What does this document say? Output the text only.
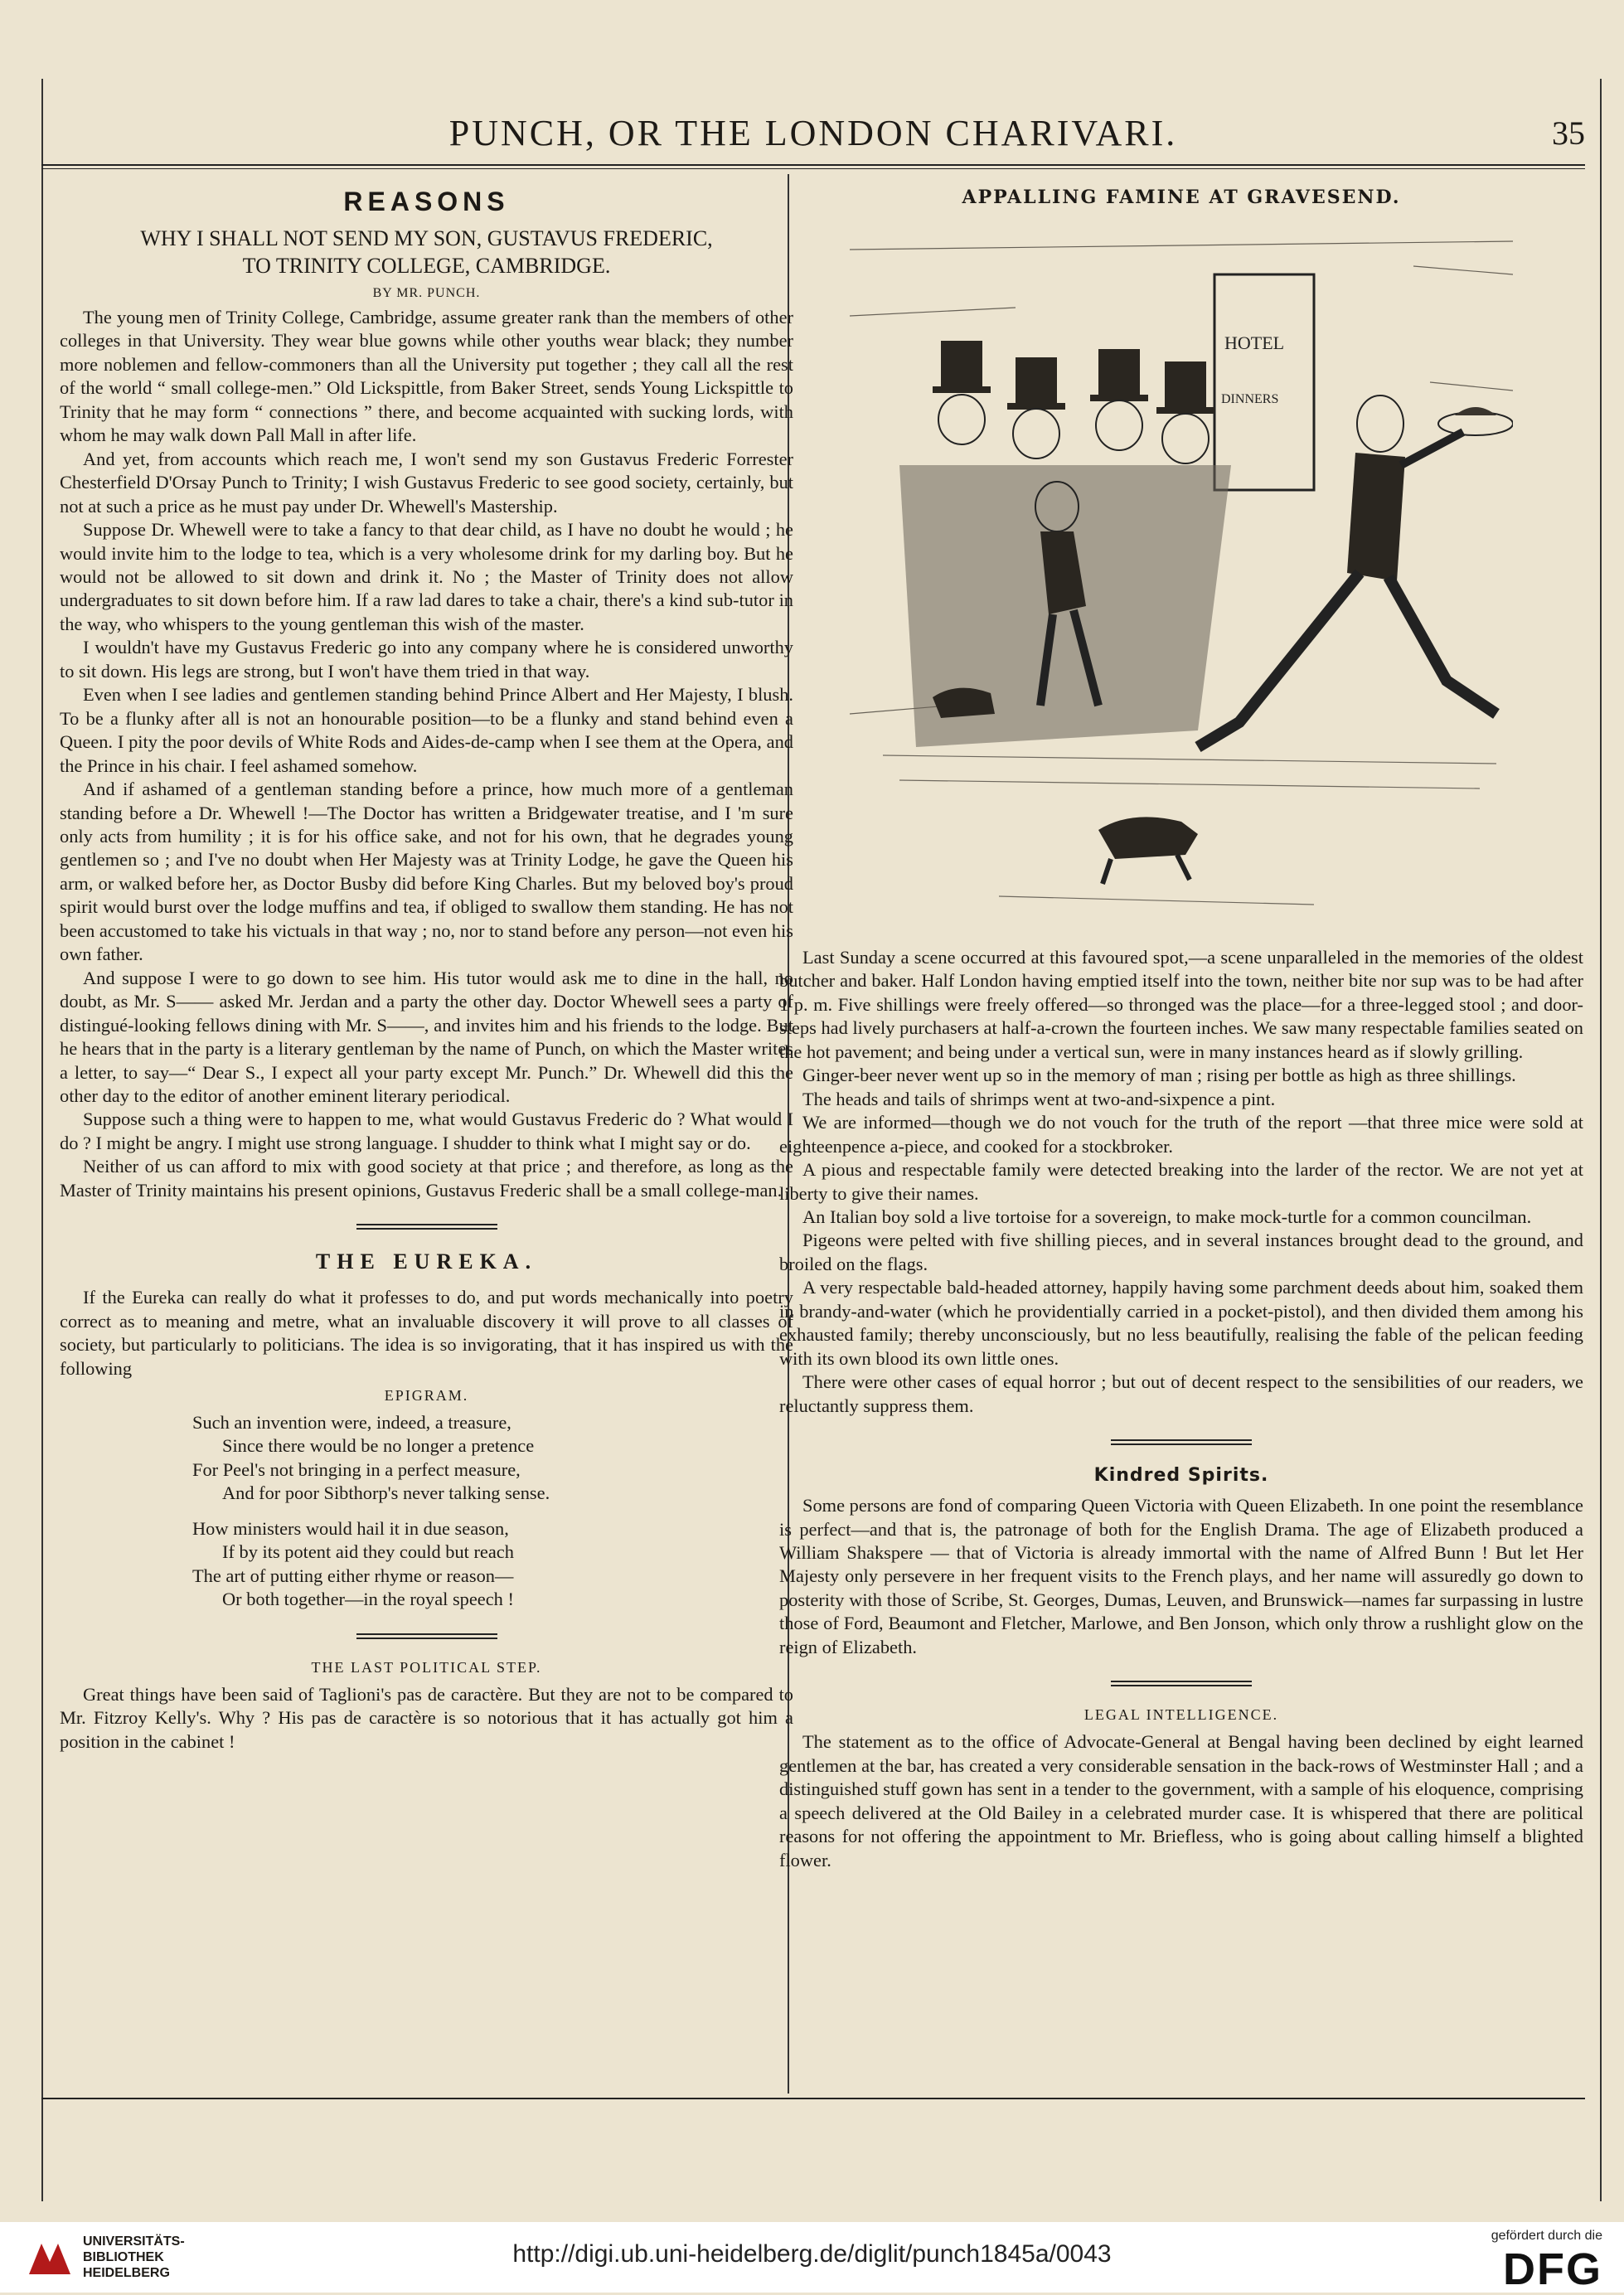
PUNCH, OR THE LONDON CHARIVARI.	35
REASONS

WHY I SHALL NOT SEND MY SON, GUSTAVUS FREDERIC,

TO TRINITY COLLEGE, CAMBRIDGE.

BY MR. PUNCH.

The young men of Trinity College, Cambridge, assume greater rank than the members of other colleges in that University. They wear blue gowns while other youths wear black; they number more noblemen and fellow-commoners than all the University put together ; they call all the rest of the world “ small college-men.” Old Lickspittle, from Baker Street, sends Young Lickspittle to Trinity that he may form “ connections ” there, and become acquainted with sucking lords, with whom he may walk down Pall Mall in after life.

And yet, from accounts which reach me, I won't send my son Gustavus Frederic Forrester Chesterfield D'Orsay Punch to Trinity; I wish Gustavus Frederic to see good society, certainly, but not at such a price as he must pay under Dr. Whewell's Mastership.

Suppose Dr. Whewell were to take a fancy to that dear child, as I have no doubt he would ; he would invite him to the lodge to tea, which is a very wholesome drink for my darling boy. But he would not be allowed to sit down and drink it. No ; the Master of Trinity does not allow undergraduates to sit down before him. If a raw lad dares to take a chair, there's a kind sub-tutor in the way, who whispers to the young gentleman this wish of the master.

I wouldn't have my Gustavus Frederic go into any company where he is considered unworthy to sit down. His legs are strong, but I won't have them tried in that way.

Even when I see ladies and gentlemen standing behind Prince Albert and Her Majesty, I blush. To be a flunky after all is not an honourable position—to be a flunky and stand behind even a Queen. I pity the poor devils of White Rods and Aides-de-camp when I see them at the Opera, and the Prince in his chair. I feel ashamed somehow.

And if ashamed of a gentleman standing before a prince, how much more of a gentleman standing before a Dr. Whewell !—The Doctor has written a Bridgewater treatise, and I 'm sure only acts from humility ; it is for his office sake, and not for his own, that he degrades young gentlemen so ; and I've no doubt when Her Majesty was at Trinity Lodge, he gave the Queen his arm, or walked before her, as Doctor Busby did before King Charles. But my beloved boy's proud spirit would burst over the lodge muffins and tea, if obliged to swallow them standing. He has not been accustomed to take his victuals in that way ; no, nor to stand before any person—not even his own father.

And suppose I were to go down to see him. His tutor would ask me to dine in the hall, no doubt, as Mr. S—— asked Mr. Jerdan and a party the other day. Doctor Whewell sees a party of distingué-looking fellows dining with Mr. S——, and invites him and his friends to the lodge. But he hears that in the party is a literary gentleman by the name of Punch, on which the Master writes a letter, to say—“ Dear S., I expect all your party except Mr. Punch.” Dr. Whewell did this the other day to the editor of another eminent literary periodical.

Suppose such a thing were to happen to me, what would Gustavus Frederic do ? What would I do ? I might be angry. I might use strong language. I shudder to think what I might say or do.

Neither of us can afford to mix with good society at that price ; and therefore, as long as the Master of Trinity maintains his present opinions, Gustavus Frederic shall be a small college-man.

THE EUREKA.

If the Eureka can really do what it professes to do, and put words mechanically into poetry correct as to meaning and metre, what an invaluable discovery it will prove to all classes of society, but particularly to politicians. The idea is so invigorating, that it has inspired us with the following

EPIGRAM.
Such an invention were, indeed, a treasure,
Since there would be no longer a pretence
For Peel's not bringing in a perfect measure,
And for poor Sibthorp's never talking sense.
How ministers would hail it in due season,
If by its potent aid they could but reach
The art of putting either rhyme or reason—
Or both together—in the royal speech !
THE LAST POLITICAL STEP.

Great things have been said of Taglioni's pas de caractère. But they are not to be compared to Mr. Fitzroy Kelly's. Why ? His pas de caractère is so notorious that it has actually got him a position in the cabinet !

APPALLING FAMINE AT GRAVESEND.
HOTEL
DINNERS

Last Sunday a scene occurred at this favoured spot,—a scene unparalleled in the memories of the oldest butcher and baker. Half London having emptied itself into the town, neither bite nor sup was to be had after 1 p. m. Five shillings were freely offered—so thronged was the place—for a three-legged stool ; and door-steps had lively purchasers at half-a-crown the fourteen inches. We saw many respectable families seated on the hot pavement; and being under a vertical sun, were in many instances heard as if slowly grilling.

Ginger-beer never went up so in the memory of man ; rising per bottle as high as three shillings.

The heads and tails of shrimps went at two-and-sixpence a pint.

We are informed—though we do not vouch for the truth of the report —that three mice were sold at eighteenpence a-piece, and cooked for a stockbroker.

A pious and respectable family were detected breaking into the larder of the rector. We are not yet at liberty to give their names.

An Italian boy sold a live tortoise for a sovereign, to make mock-turtle for a common councilman.

Pigeons were pelted with five shilling pieces, and in several instances brought dead to the ground, and broiled on the flags.

A very respectable bald-headed attorney, happily having some parchment deeds about him, soaked them in brandy-and-water (which he providentially carried in a pocket-pistol), and then divided them among his exhausted family; thereby unconsciously, but no less beautifully, realising the fable of the pelican feeding with its own blood its own little ones.

There were other cases of equal horror ; but out of decent respect to the sensibilities of our readers, we reluctantly suppress them.

Kindred Spirits.

Some persons are fond of comparing Queen Victoria with Queen Elizabeth. In one point the resemblance is perfect—and that is, the patronage of both for the English Drama. The age of Elizabeth produced a William Shakspere — that of Victoria is already immortal with the name of Alfred Bunn ! But let Her Majesty only persevere in her frequent visits to the French plays, and her name will assuredly go down to posterity with those of Scribe, St. Georges, Dumas, Leuven, and Brunswick—names far surpassing in lustre those of Ford, Beaumont and Fletcher, Marlowe, and Ben Jonson, which only throw a rushlight glow on the reign of Elizabeth.

LEGAL INTELLIGENCE.

The statement as to the office of Advocate-General at Bengal having been declined by eight learned gentlemen at the bar, has created a very considerable sensation in the back-rows of Westminster Hall ; and a distinguished stuff gown has sent in a tender to the government, with a sample of his eloquence, comprising a speech delivered at the Old Bailey in a celebrated murder case. It is whispered that there are political reasons for not offering the appointment to Mr. Briefless, who is going about calling himself a blighted flower.

UNIVERSITÄTS-
BIBLIOTHEK
HEIDELBERG
http://digi.ub.uni-heidelberg.de/diglit/punch1845a/0043
gefördert durch die
DFG
